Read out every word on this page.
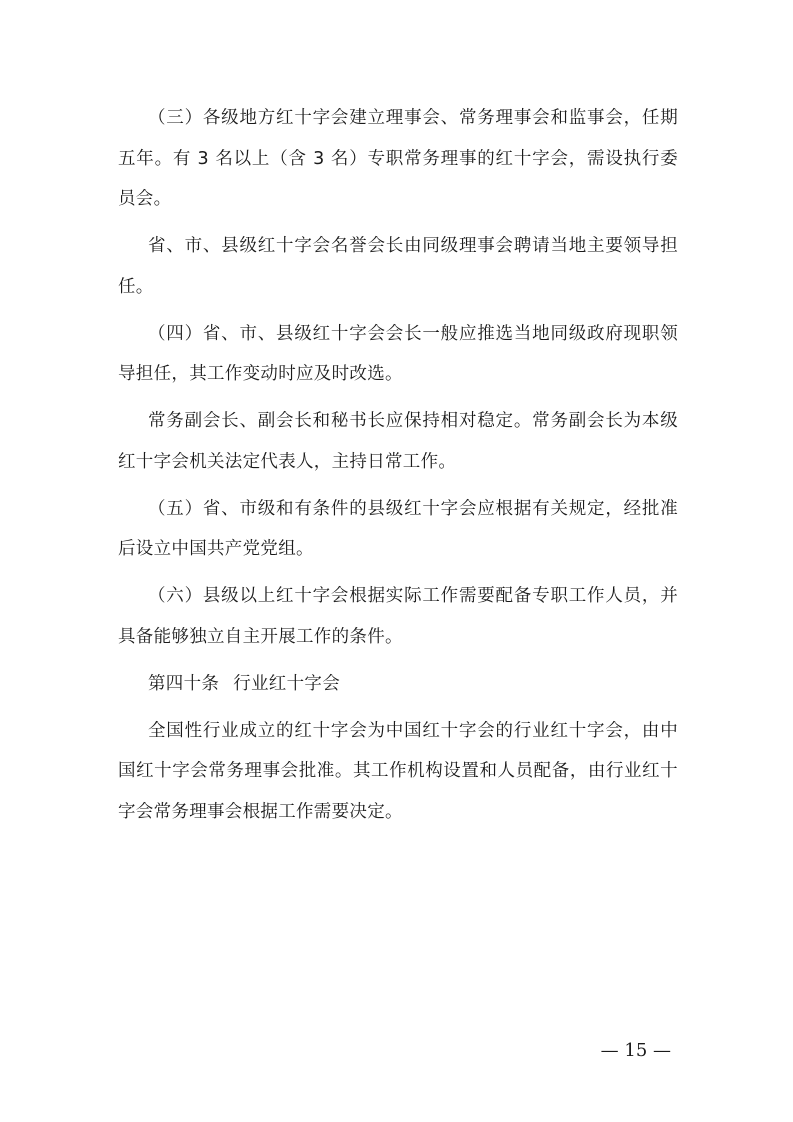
（三）各级地方红十字会建立理事会、常务理事会和监事会，任期五年。有 3 名以上（含 3 名）专职常务理事的红十字会，需设执行委员会。

省、市、县级红十字会名誉会长由同级理事会聘请当地主要领导担任。

（四）省、市、县级红十字会会长一般应推选当地同级政府现职领导担任，其工作变动时应及时改选。

常务副会长、副会长和秘书长应保持相对稳定。常务副会长为本级红十字会机关法定代表人，主持日常工作。

（五）省、市级和有条件的县级红十字会应根据有关规定，经批准后设立中国共产党党组。

（六）县级以上红十字会根据实际工作需要配备专职工作人员，并具备能够独立自主开展工作的条件。

第四十条 行业红十字会

全国性行业成立的红十字会为中国红十字会的行业红十字会，由中国红十字会常务理事会批准。其工作机构设置和人员配备，由行业红十字会常务理事会根据工作需要决定。

— 15 —
